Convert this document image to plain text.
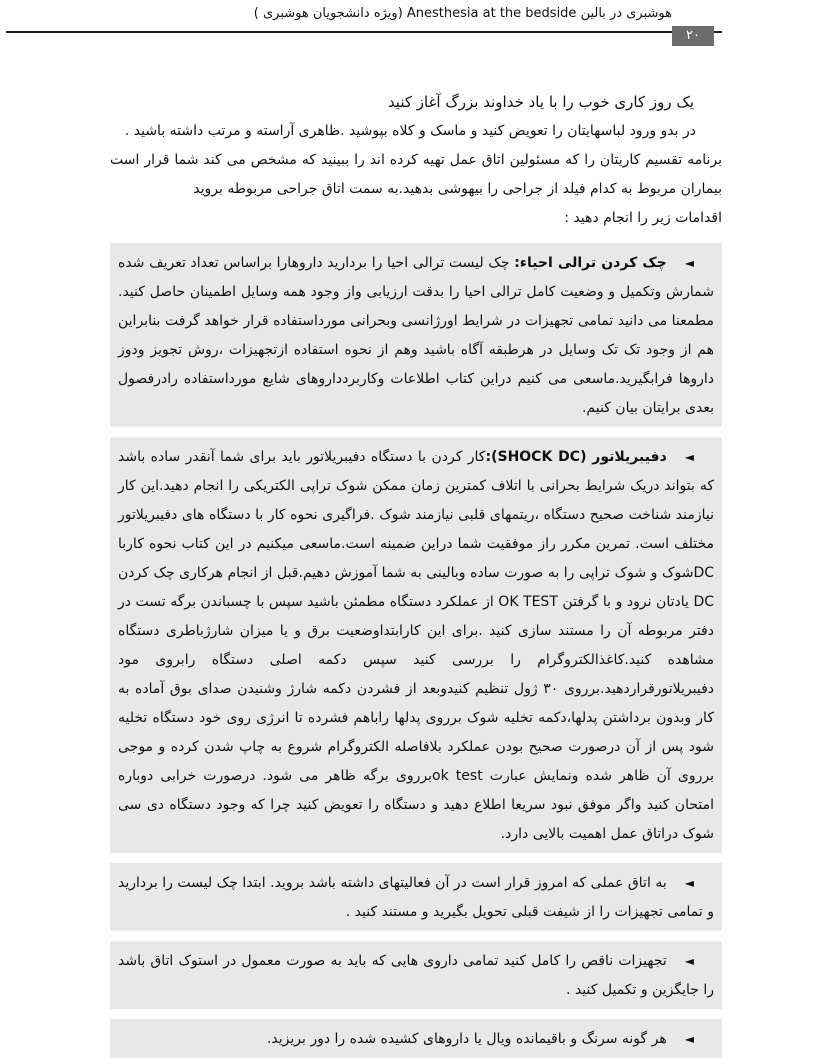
هوشبری در بالین Anesthesia at the bedside (ویژه دانشجویان هوشبری )
۲۰

یک روز کاری خوب را با یاد خداوند بزرگ آغاز کنید

در بدو ورود لباسهایتان را تعویض کنید و ماسک و کلاه بپوشید .ظاهری آراسته و مرتب داشته باشید .

برنامه تقسیم کاریتان را که مسئولین اتاق عمل تهیه کرده اند را ببینید که مشخص می کند شما قرار است بیماران مربوط به کدام فیلد از جراحی را بیهوشی بدهید.به سمت اتاق جراحی مربوطه بروید

اقدامات زیر را انجام دهید :

◄چک کردن ترالی احیاء: چک لیست ترالی احیا را بردارید داروهارا براساس تعداد تعریف شده شمارش وتکمیل و وضعیت کامل ترالی احیا را بدقت ارزیابی واز وجود همه وسایل اطمینان حاصل کنید. مطمعنا می دانید تمامی تجهیزات در شرایط اورژانسی وبحرانی مورداستفاده قرار خواهد گرفت بنابراین هم از وجود تک تک وسایل در هرطبقه آگاه باشید وهم از نحوه استفاده ازتجهیزات ،روش تجویز ودوز داروها فرابگیرید.ماسعی می کنیم دراین کتاب اطلاعات وکاربردداروهای شایع مورداستفاده رادرفصول بعدی برایتان بیان کنیم.
◄دفیبریلاتور (SHOCK DC):کار کردن با دستگاه دفیبریلاتور باید برای شما آنقدر ساده باشد که بتواند دریک شرایط بحرانی با اتلاف کمترین زمان ممکن شوک تراپی الکتریکی را انجام دهید.این کار نیازمند شناخت صحیح دستگاه ،ریتمهای قلبی نیازمند شوک .فراگیری نحوه کار با دستگاه های دفیبریلاتور مختلف است. تمرین مکرر راز موفقیت شما دراین ضمینه است.ماسعی میکنیم در این کتاب نحوه کاربا DCشوک و شوک تراپی را به صورت ساده وبالینی به شما آموزش دهیم.قبل از انجام هرکاری چک کردن DC یادتان نرود و با گرفتن OK TEST از عملکرد دستگاه مطمئن باشید سپس با چسباندن برگه تست در دفتر مربوطه آن را مستند سازی کنید .برای این کارابتداوضعیت برق و یا میزان شارژباطری دستگاه مشاهده کنید.کاغذالکتروگرام را بررسی کنید سپس دکمه اصلی دستگاه رابروی مود دفیبریلاتورقراردهید.برروی ۳۰ ژول تنظیم کنیدوبعد از فشردن دکمه شارژ وشنیدن صدای بوق آماده به کار وبدون برداشتن پدلها،دکمه تخلیه شوک برروی پدلها راباهم فشرده تا انرژی روی خود دستگاه تخلیه شود پس از آن درصورت صحیح بودن عملکرد بلافاصله الکتروگرام شروع به چاپ شدن کرده و موجی برروی آن ظاهر شده ونمایش عبارت ok testبرروی برگه ظاهر می شود. درصورت خرابی دوباره امتحان کنید واگر موفق نبود سریعا اطلاع دهید و دستگاه را تعویض کنید چرا که وجود دستگاه دی سی شوک دراتاق عمل اهمیت بالایی دارد.
◄به اتاق عملی که امروز قرار است در آن فعالیتهای داشته باشد بروید. ابتدا چک لیست را بردارید و تمامی تجهیزات را از شیفت قبلی تحویل بگیرید و مستند کنید .
◄تجهیزات ناقص را کامل کنید تمامی داروی هایی که باید به صورت معمول در استوک اتاق باشد را جایگزین و تکمیل کنید .
◄هر گونه سرنگ و باقیمانده ویال یا داروهای کشیده شده را دور بریزید.
